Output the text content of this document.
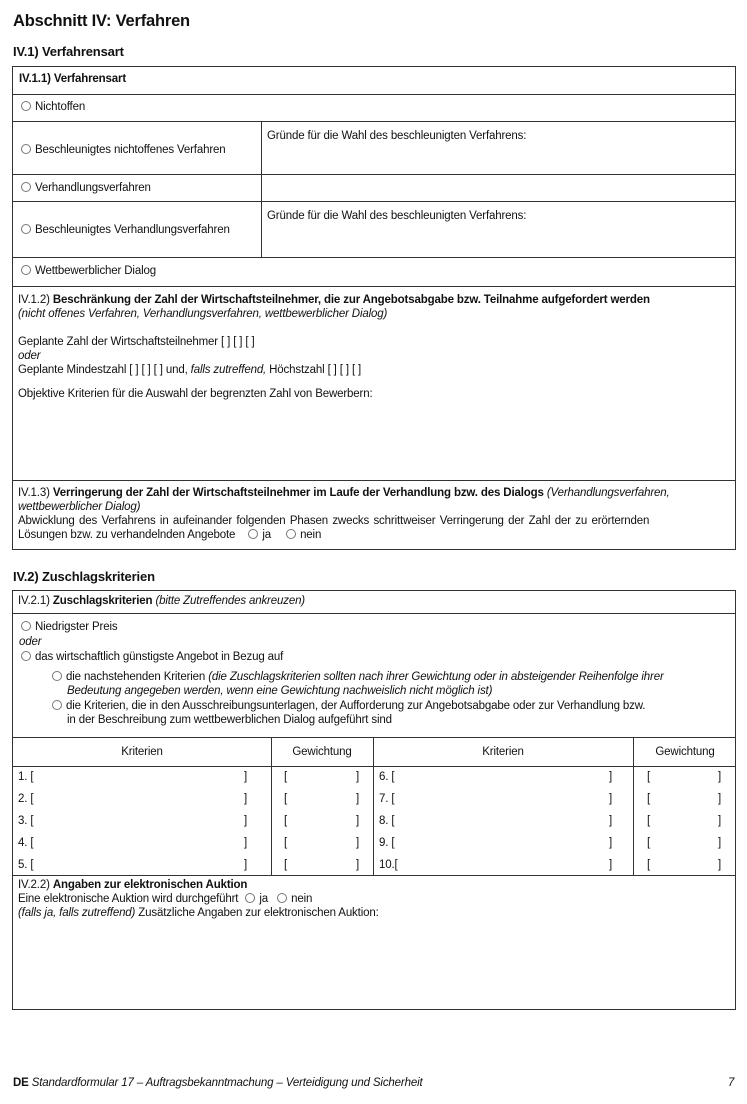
Abschnitt IV: Verfahren
IV.1) Verfahrensart
IV.1.1) Verfahrensart
Nichtoffen
Beschleunigtes nichtoffenes Verfahren
Gründe für die Wahl des beschleunigten Verfahrens:
Verhandlungsverfahren
Beschleunigtes Verhandlungsverfahren
Gründe für die Wahl des beschleunigten Verfahrens:
Wettbewerblicher Dialog
IV.1.2) Beschränkung der Zahl der Wirtschaftsteilnehmer, die zur Angebotsabgabe bzw. Teilnahme aufgefordert werden
(nicht offenes Verfahren, Verhandlungsverfahren, wettbewerblicher Dialog)
Geplante Zahl der Wirtschaftsteilnehmer [ ] [ ] [ ]
oder
Geplante Mindestzahl [ ] [ ] [ ] und, falls zutreffend, Höchstzahl [ ] [ ] [ ]
Objektive Kriterien für die Auswahl der begrenzten Zahl von Bewerbern:
IV.1.3) Verringerung der Zahl der Wirtschaftsteilnehmer im Laufe der Verhandlung bzw. des Dialogs (Verhandlungsverfahren,
wettbewerblicher Dialog)
Abwicklung des Verfahrens in aufeinander folgenden Phasen zwecks schrittweiser Verringerung der Zahl der zu erörternden
Lösungen bzw. zu verhandelnden Angebote ja	nein
IV.2) Zuschlagskriterien
IV.2.1) Zuschlagskriterien (bitte Zutreffendes ankreuzen)
Niedrigster Preis
oder
das wirtschaftlich günstigste Angebot in Bezug auf
die nachstehenden Kriterien (die Zuschlagskriterien sollten nach ihrer Gewichtung oder in absteigender Reihenfolge ihrer
Bedeutung angegeben werden, wenn eine Gewichtung nachweislich nicht möglich ist)
die Kriterien, die in den Ausschreibungsunterlagen, der Aufforderung zur Angebotsabgabe oder zur Verhandlung bzw.
in der Beschreibung zum wettbewerblichen Dialog aufgeführt sind
Kriterien	Gewichtung	Kriterien	Gewichtung
1. [	]	[	] 6. [	]	[	]
2. [	]	[	] 7. [	]	[	]
3. [	]	[	] 8. [	]	[	]
4. [	]	[	] 9. [	]	[	]
5. [	]	[	] 10.[	]	[	]
IV.2.2) Angaben zur elektronischen Auktion
Eine elektronische Auktion wird durchgeführt ja nein
(falls ja, falls zutreffend) Zusätzliche Angaben zur elektronischen Auktion:
DE Standardformular 17 – Auftragsbekanntmachung – Verteidigung und Sicherheit	7
